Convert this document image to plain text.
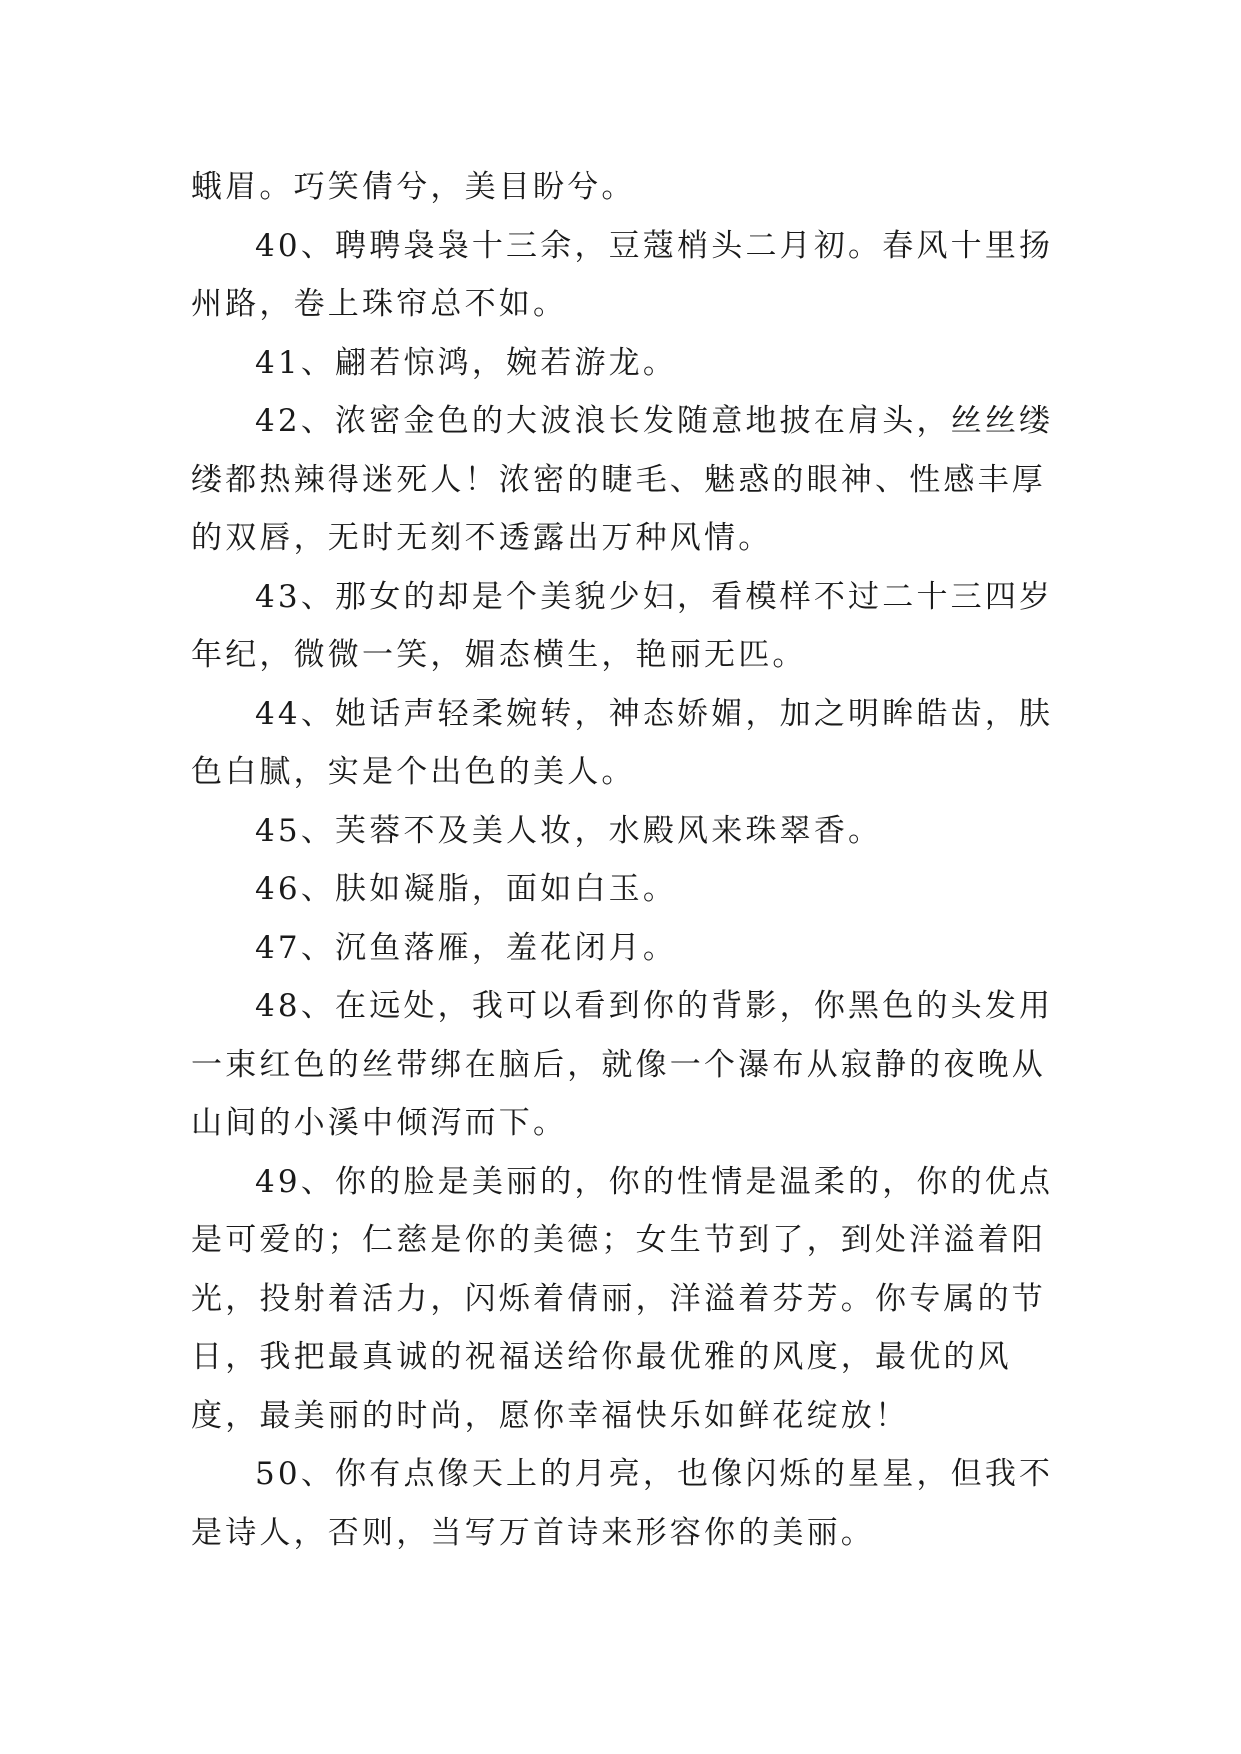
蛾眉。巧笑倩兮，美目盼兮。

40、聘聘袅袅十三余，豆蔻梢头二月初。春风十里扬州路，卷上珠帘总不如。

41、翩若惊鸿，婉若游龙。

42、浓密金色的大波浪长发随意地披在肩头，丝丝缕缕都热辣得迷死人！浓密的睫毛、魅惑的眼神、性感丰厚的双唇，无时无刻不透露出万种风情。

43、那女的却是个美貌少妇，看模样不过二十三四岁年纪，微微一笑，媚态横生，艳丽无匹。

44、她话声轻柔婉转，神态娇媚，加之明眸皓齿，肤色白腻，实是个出色的美人。

45、芙蓉不及美人妆，水殿风来珠翠香。

46、肤如凝脂，面如白玉。

47、沉鱼落雁，羞花闭月。

48、在远处，我可以看到你的背影，你黑色的头发用一束红色的丝带绑在脑后，就像一个瀑布从寂静的夜晚从山间的小溪中倾泻而下。

49、你的脸是美丽的，你的性情是温柔的，你的优点是可爱的；仁慈是你的美德；女生节到了，到处洋溢着阳光，投射着活力，闪烁着倩丽，洋溢着芬芳。你专属的节日，我把最真诚的祝福送给你最优雅的风度，最优的风度，最美丽的时尚，愿你幸福快乐如鲜花绽放！

50、你有点像天上的月亮，也像闪烁的星星，但我不是诗人，否则，当写万首诗来形容你的美丽。
